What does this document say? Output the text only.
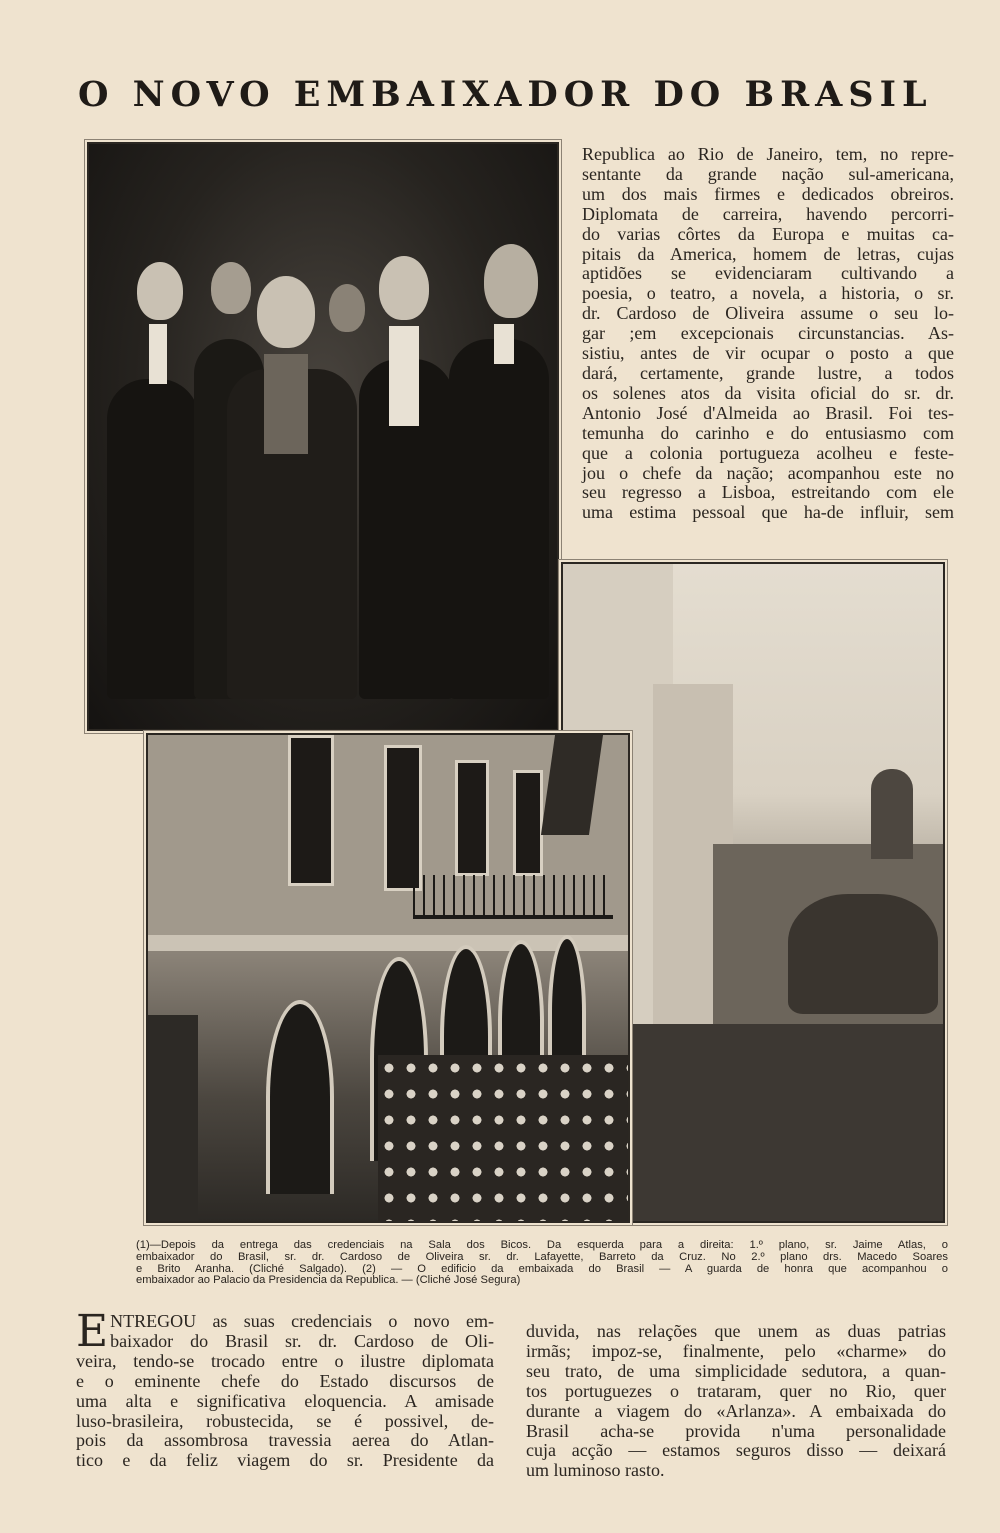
O NOVO EMBAIXADOR DO BRASIL
Republica ao Rio de Janeiro, tem, no repre-
sentante da grande nação sul-americana,
um dos mais firmes e dedicados obreiros.
Diplomata de carreira, havendo percorri-
do varias côrtes da Europa e muitas ca-
pitais da America, homem de letras, cujas
aptidões se evidenciaram cultivando a
poesia, o teatro, a novela, a historia, o sr.
dr. Cardoso de Oliveira assume o seu lo-
gar ;em excepcionais circunstancias. As-
sistiu, antes de vir ocupar o posto a que
dará, certamente, grande lustre, a todos
os solenes atos da visita oficial do sr. dr.
Antonio José d'Almeida ao Brasil. Foi tes-
temunha do carinho e do entusiasmo com
que a colonia portugueza acolheu e feste-
jou o chefe da nação; acompanhou este no
seu regresso a Lisboa, estreitando com ele
uma estima pessoal que ha-de influir, sem
(1)—Depois da entrega das credenciais na Sala dos Bicos. Da esquerda para a direita: 1.º plano, sr. Jaime Atlas, o
embaixador do Brasil, sr. dr. Cardoso de Oliveira sr. dr. Lafayette, Barreto da Cruz. No 2.º plano drs. Macedo Soares
e Brito Aranha. (Cliché Salgado). (2) — O edificio da embaixada do Brasil — A guarda de honra que acompanhou o
embaixador ao Palacio da Presidencia da Republica. — (Cliché José Segura)
E NTREGOU as suas credenciais o novo em-
baixador do Brasil sr. dr. Cardoso de Oli-
veira, tendo-se trocado entre o ilustre diplomata
e o eminente chefe do Estado discursos de
uma alta e significativa eloquencia. A amisade
luso-brasileira, robustecida, se é possivel, de-
pois da assombrosa travessia aerea do Atlan-
tico e da feliz viagem do sr. Presidente da
duvida, nas relações que unem as duas patrias
irmãs; impoz-se, finalmente, pelo «charme» do
seu trato, de uma simplicidade sedutora, a quan-
tos portuguezes o trataram, quer no Rio, quer
durante a viagem do «Arlanza». A embaixada do
Brasil acha-se provida n'uma personalidade
cuja acção — estamos seguros disso — deixará
um luminoso rasto.
